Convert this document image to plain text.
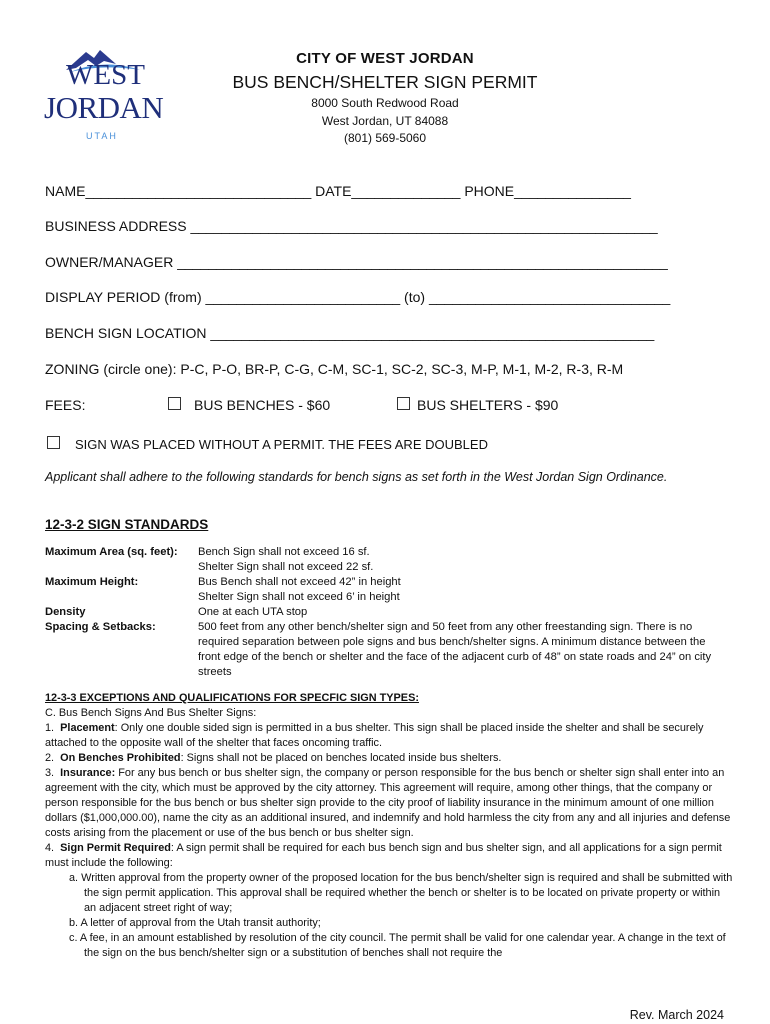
WEST
JORDAN
UTAH
CITY OF WEST JORDAN
BUS BENCH/SHELTER SIGN PERMIT
8000 South Redwood Road
West Jordan, UT 84088
(801) 569-5060
NAME_____________________________ DATE______________ PHONE_______________
BUSINESS ADDRESS ____________________________________________________________
OWNER/MANAGER _______________________________________________________________
DISPLAY PERIOD (from) _________________________ (to) _______________________________
BENCH SIGN LOCATION _________________________________________________________
ZONING (circle one): P-C, P-O, BR-P, C-G, C-M, SC-1, SC-2, SC-3, M-P, M-1, M-2, R-3, R-M
FEES:	BUS BENCHES - $60	BUS SHELTERS - $90
SIGN WAS PLACED WITHOUT A PERMIT. THE FEES ARE DOUBLED
Applicant shall adhere to the following standards for bench signs as set forth in the West Jordan Sign Ordinance.
12-3-2 SIGN STANDARDS
Maximum Area (sq. feet):	Bench Sign shall not exceed 16 sf.
Shelter Sign shall not exceed 22 sf.
Maximum Height:	Bus Bench shall not exceed 42” in height
Shelter Sign shall not exceed 6’ in height
Density	One at each UTA stop
Spacing & Setbacks:	500 feet from any other bench/shelter sign and 50 feet from any other freestanding sign. There is no required separation between pole signs and bus bench/shelter signs. A minimum distance between the front edge of the bench or shelter and the face of the adjacent curb of 48” on state roads and 24” on city streets

12-3-3 EXCEPTIONS AND QUALIFICATIONS FOR SPECFIC SIGN TYPES:

C. Bus Bench Signs And Bus Shelter Signs:

1. Placement: Only one double sided sign is permitted in a bus shelter. This sign shall be placed inside the shelter and shall be securely attached to the opposite wall of the shelter that faces oncoming traffic.

2. On Benches Prohibited: Signs shall not be placed on benches located inside bus shelters.

3. Insurance: For any bus bench or bus shelter sign, the company or person responsible for the bus bench or shelter sign shall enter into an agreement with the city, which must be approved by the city attorney. This agreement will require, among other things, that the company or person responsible for the bus bench or bus shelter sign provide to the city proof of liability insurance in the minimum amount of one million dollars ($1,000,000.00), name the city as an additional insured, and indemnify and hold harmless the city from any and all injuries and defense costs arising from the placement or use of the bus bench or bus shelter sign.

4. Sign Permit Required: A sign permit shall be required for each bus bench sign and bus shelter sign, and all applications for a sign permit must include the following:

a. Written approval from the property owner of the proposed location for the bus bench/shelter sign is required and shall be submitted with the sign permit application. This approval shall be required whether the bench or shelter is to be located on private property or within an adjacent street right of way;

b. A letter of approval from the Utah transit authority;

c. A fee, in an amount established by resolution of the city council. The permit shall be valid for one calendar year. A change in the text of the sign on the bus bench/shelter sign or a substitution of benches shall not require the

Rev. March 2024
